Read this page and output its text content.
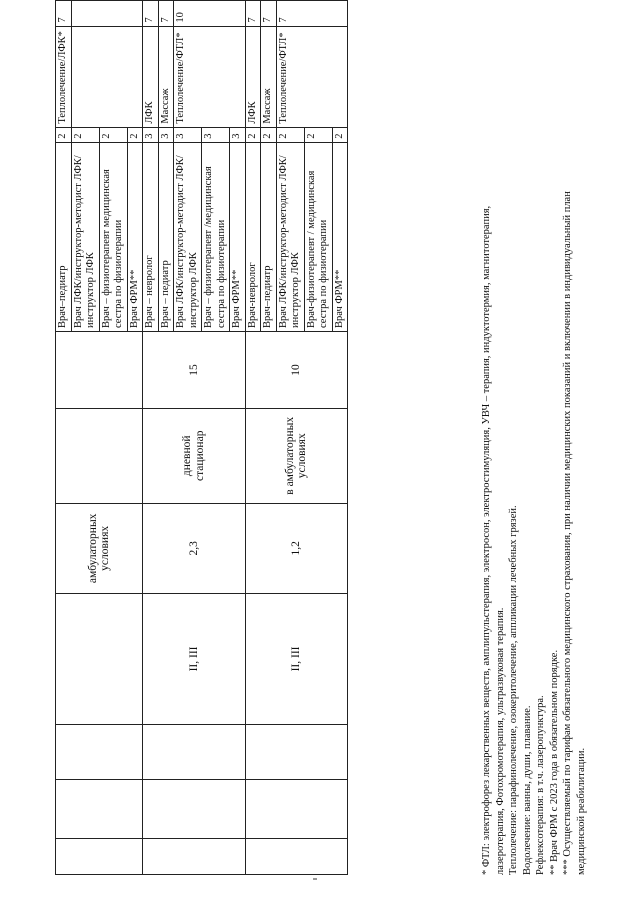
				амбулаторных условиях			Врач–педиатр	2	Теплолечение/ЛФК*	7
							Врач ЛФК/инструктор-методист ЛФК/инструктор ЛФК	2		
							Врач – физиотерапевт медицинская сестра по физиотерапии	2		
							Врач ФРМ**	2		
			II, III	2,3	дневной стационар	15	Врач – невролог	3	ЛФК	7
							Врач – педиатр	3	Массаж	7
							Врач ЛФК/инструктор-методист ЛФК/инструктор ЛФК	3	Теплолечение/ФТЛ*	10
							Врач – физиотерапевт /медицинская сестра по физиотерапии	3		
							Врач ФРМ**	3		
			II, III	1,2	в амбулаторных условиях	10	Врач-невролог	2	ЛФК	7
							Врач–педиатр	2	Массаж	7
							Врач ЛФК/инструктор-методист ЛФК/инструктор ЛФК	2	Теплолечение/ФТЛ*	7
							Врач-физиотерапевт / медицинская сестра по физиотерапии	2		
							Врач ФРМ**	2		

* ФТЛ: электрофорез лекарственных веществ, амплипульстерапия, электросон, электростимуляция, УВЧ – терапия, индуктотермия, магнитотерапия, лазеротерапия, Фотохромотерапия, ультразвуковая терапия. Теплолечение: парафинолечение, озокеритолечение, аппликации лечебных грязей. Водолечение: ванны, души, плавание. Рефлексотерапия: в т.ч. лазеропунктура. ** Врач ФРМ с 2023 года в обязательном порядке. *** Осуществляемый по тарифам обязательного медицинского страхования, при наличии медицинских показаний и включении в индивидуальный план медицинской реабилитации.
